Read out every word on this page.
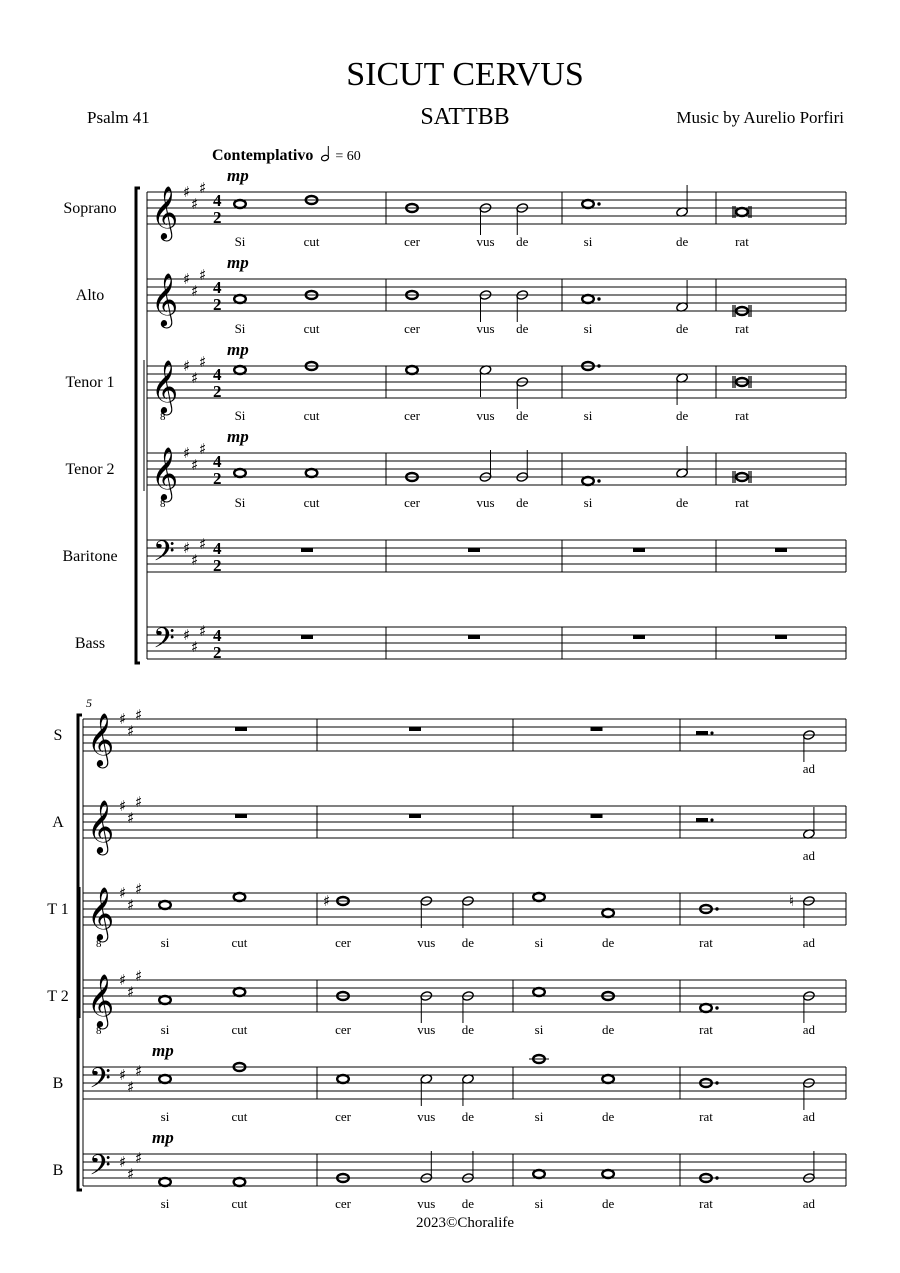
SICUT CERVUS
SATTBB
Psalm 41	Music by Aurelio Porfiri
Contemplativo = 60
2023©Choralife
Soprano 𝄞 ♯
♯
♯
4
2
mp
Si	cut	cer	vus de	si	de	rat
Alto 𝄞 ♯
♯
♯
4
2
mp
Si	cut	cer	vus de	si	de	rat
Tenor 1 𝄞
8
♯
♯
♯
4
2
mp
Si	cut	cer	vus de	si	de	rat
Tenor 2 𝄞
8
♯
♯
♯
4
2
mp
Si	cut	cer	vus de	si	de	rat
Baritone 𝄢 ♯
♯
♯ 4
2
Bass 𝄢 ♯
♯
♯ 4
2
5
S 𝄞 ♯
♯
♯
ad
A 𝄞 ♯
♯
♯
ad
T 1 𝄞
8
♯
♯
♯
si	cut
♯
cer	vus de	si	de	rat
♮
ad
T 2 𝄞
8
♯
♯
♯
si	cut	cer	vus de	si	de	rat	ad
B 𝄢 ♯
♯
♯
mp
si	cut	cer	vus de	si	de	rat	ad
B 𝄢 ♯
♯
♯
mp
si	cut	cer	vus de	si	de	rat	ad
